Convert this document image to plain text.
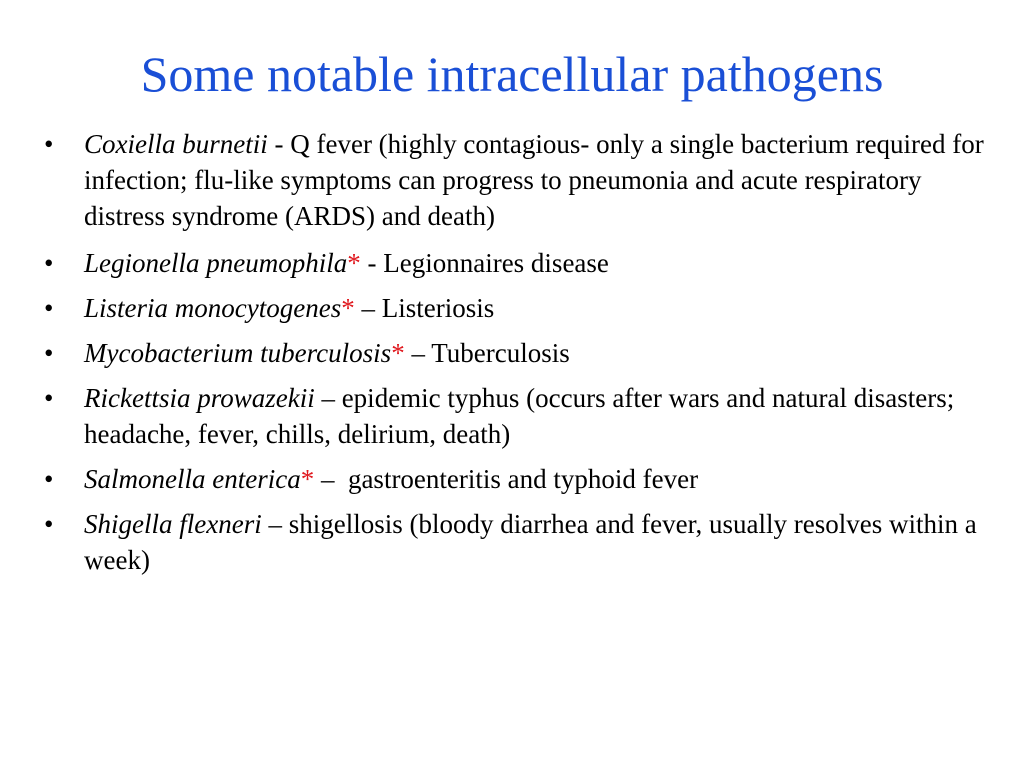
Some notable intracellular pathogens
•	Coxiella burnetii - Q fever (highly contagious- only a single bacterium required for infection; flu-like symptoms can progress to pneumonia and acute respiratory distress syndrome (ARDS) and death)
•	Legionella pneumophila* - Legionnaires disease
•	Listeria monocytogenes* – Listeriosis
•	Mycobacterium tuberculosis* – Tuberculosis
•	Rickettsia prowazekii – epidemic typhus (occurs after wars and natural disasters; headache, fever, chills, delirium, death)
•	Salmonella enterica* –  gastroenteritis and typhoid fever
•	Shigella flexneri – shigellosis (bloody diarrhea and fever, usually resolves within a week)
